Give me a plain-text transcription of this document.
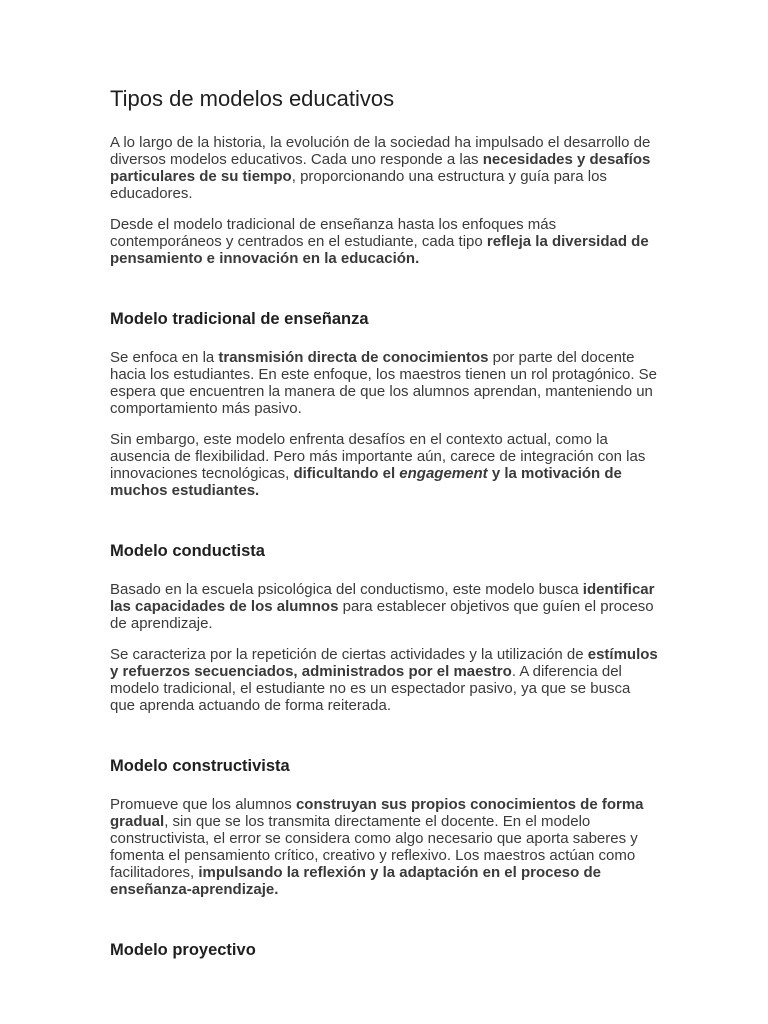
Tipos de modelos educativos

A lo largo de la historia, la evolución de la sociedad ha impulsado el desarrollo de diversos modelos educativos. Cada uno responde a las necesidades y desafíos particulares de su tiempo, proporcionando una estructura y guía para los educadores.

Desde el modelo tradicional de enseñanza hasta los enfoques más contemporáneos y centrados en el estudiante, cada tipo refleja la diversidad de pensamiento e innovación en la educación.

Modelo tradicional de enseñanza

Se enfoca en la transmisión directa de conocimientos por parte del docente hacia los estudiantes. En este enfoque, los maestros tienen un rol protagónico. Se espera que encuentren la manera de que los alumnos aprendan, manteniendo un comportamiento más pasivo.

Sin embargo, este modelo enfrenta desafíos en el contexto actual, como la ausencia de flexibilidad. Pero más importante aún, carece de integración con las innovaciones tecnológicas, dificultando el engagement y la motivación de muchos estudiantes.

Modelo conductista

Basado en la escuela psicológica del conductismo, este modelo busca identificar las capacidades de los alumnos para establecer objetivos que guíen el proceso de aprendizaje.

Se caracteriza por la repetición de ciertas actividades y la utilización de estímulos y refuerzos secuenciados, administrados por el maestro. A diferencia del modelo tradicional, el estudiante no es un espectador pasivo, ya que se busca que aprenda actuando de forma reiterada.

Modelo constructivista

Promueve que los alumnos construyan sus propios conocimientos de forma gradual, sin que se los transmita directamente el docente. En el modelo constructivista, el error se considera como algo necesario que aporta saberes y fomenta el pensamiento crítico, creativo y reflexivo. Los maestros actúan como facilitadores, impulsando la reflexión y la adaptación en el proceso de enseñanza-aprendizaje.

Modelo proyectivo
